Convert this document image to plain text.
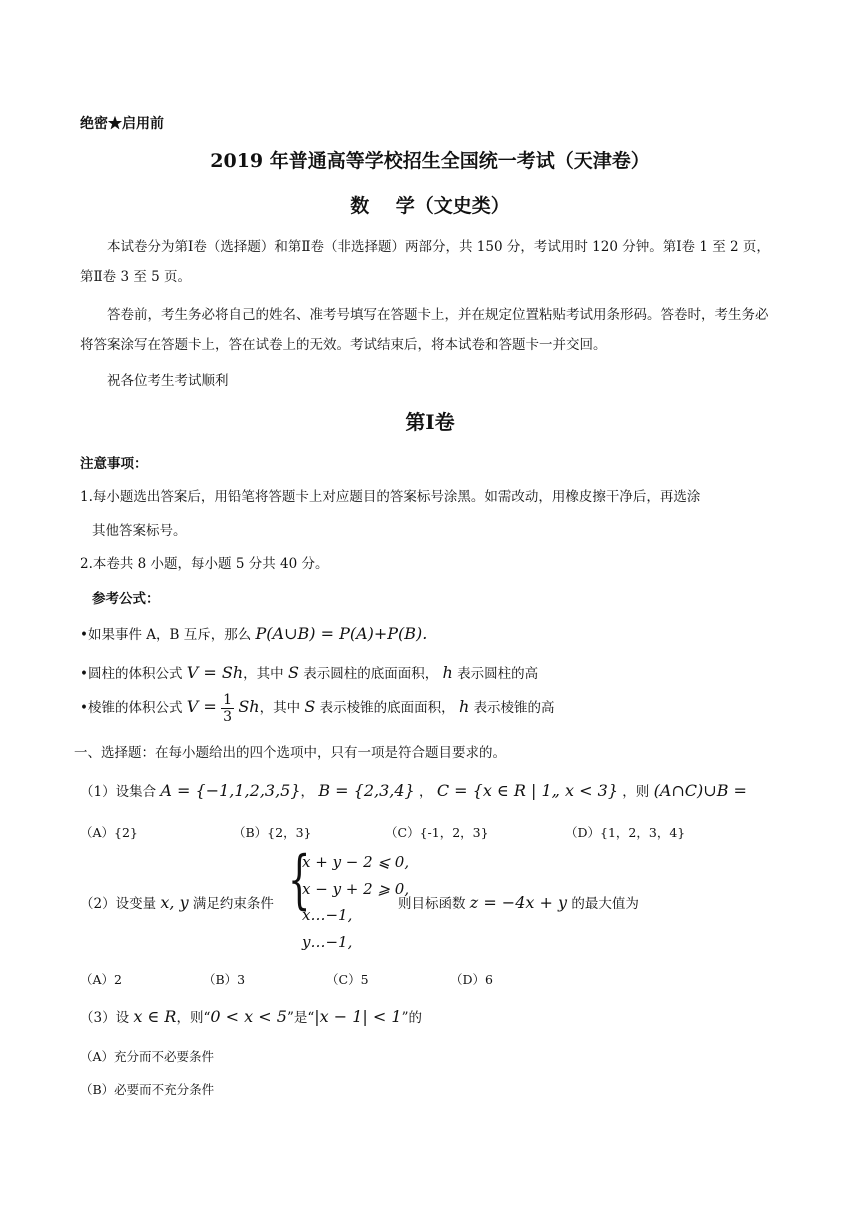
绝密★启用前
2019 年普通高等学校招生全国统一考试（天津卷）
数    学（文史类）
本试卷分为第Ⅰ卷（选择题）和第Ⅱ卷（非选择题）两部分，共 150 分，考试用时 120 分钟。第Ⅰ卷 1 至 2 页，第Ⅱ卷 3 至 5 页。
答卷前，考生务必将自己的姓名、准考号填写在答题卡上，并在规定位置粘贴考试用条形码。答卷时，考生务必将答案涂写在答题卡上，答在试卷上的无效。考试结束后，将本试卷和答题卡一并交回。
祝各位考生考试顺利
第Ⅰ卷
注意事项：
1.每小题选出答案后，用铅笔将答题卡上对应题目的答案标号涂黑。如需改动，用橡皮擦干净后，再选涂
其他答案标号。
2.本卷共 8 小题，每小题 5 分共 40 分。
参考公式：
•如果事件 A，B 互斥，那么 P(A∪B) = P(A)+P(B).
•圆柱的体积公式 V = Sh，其中 S 表示圆柱的底面面积， h 表示圆柱的高
•棱锥的体积公式 $V = \frac{1}{3}$ Sh，其中 S 表示棱锥的底面面积， h 表示棱锥的高
一、选择题：在每小题给出的四个选项中，只有一项是符合题目要求的。
（1）设集合 A = {−1,1,2,3,5}， B = {2,3,4} ， C = {x ∈ R | 1„ x < 3} ，则 (A∩C)∪B =
（A）{2}	（B）{2，3}	（C）{-1，2，3}	（D）{1，2，3，4}
（2）设变量 x, y 满足约束条件 {
x + y − 2 ⩽ 0,
x − y + 2 ⩾ 0,
x…−1,
y…−1,
则目标函数 z = −4x + y 的最大值为
（A）2	（B）3	（C）5	（D）6
（3）设 x ∈ R，则“0 < x < 5”是“|x − 1| < 1”的
（A）充分而不必要条件
（B）必要而不充分条件
